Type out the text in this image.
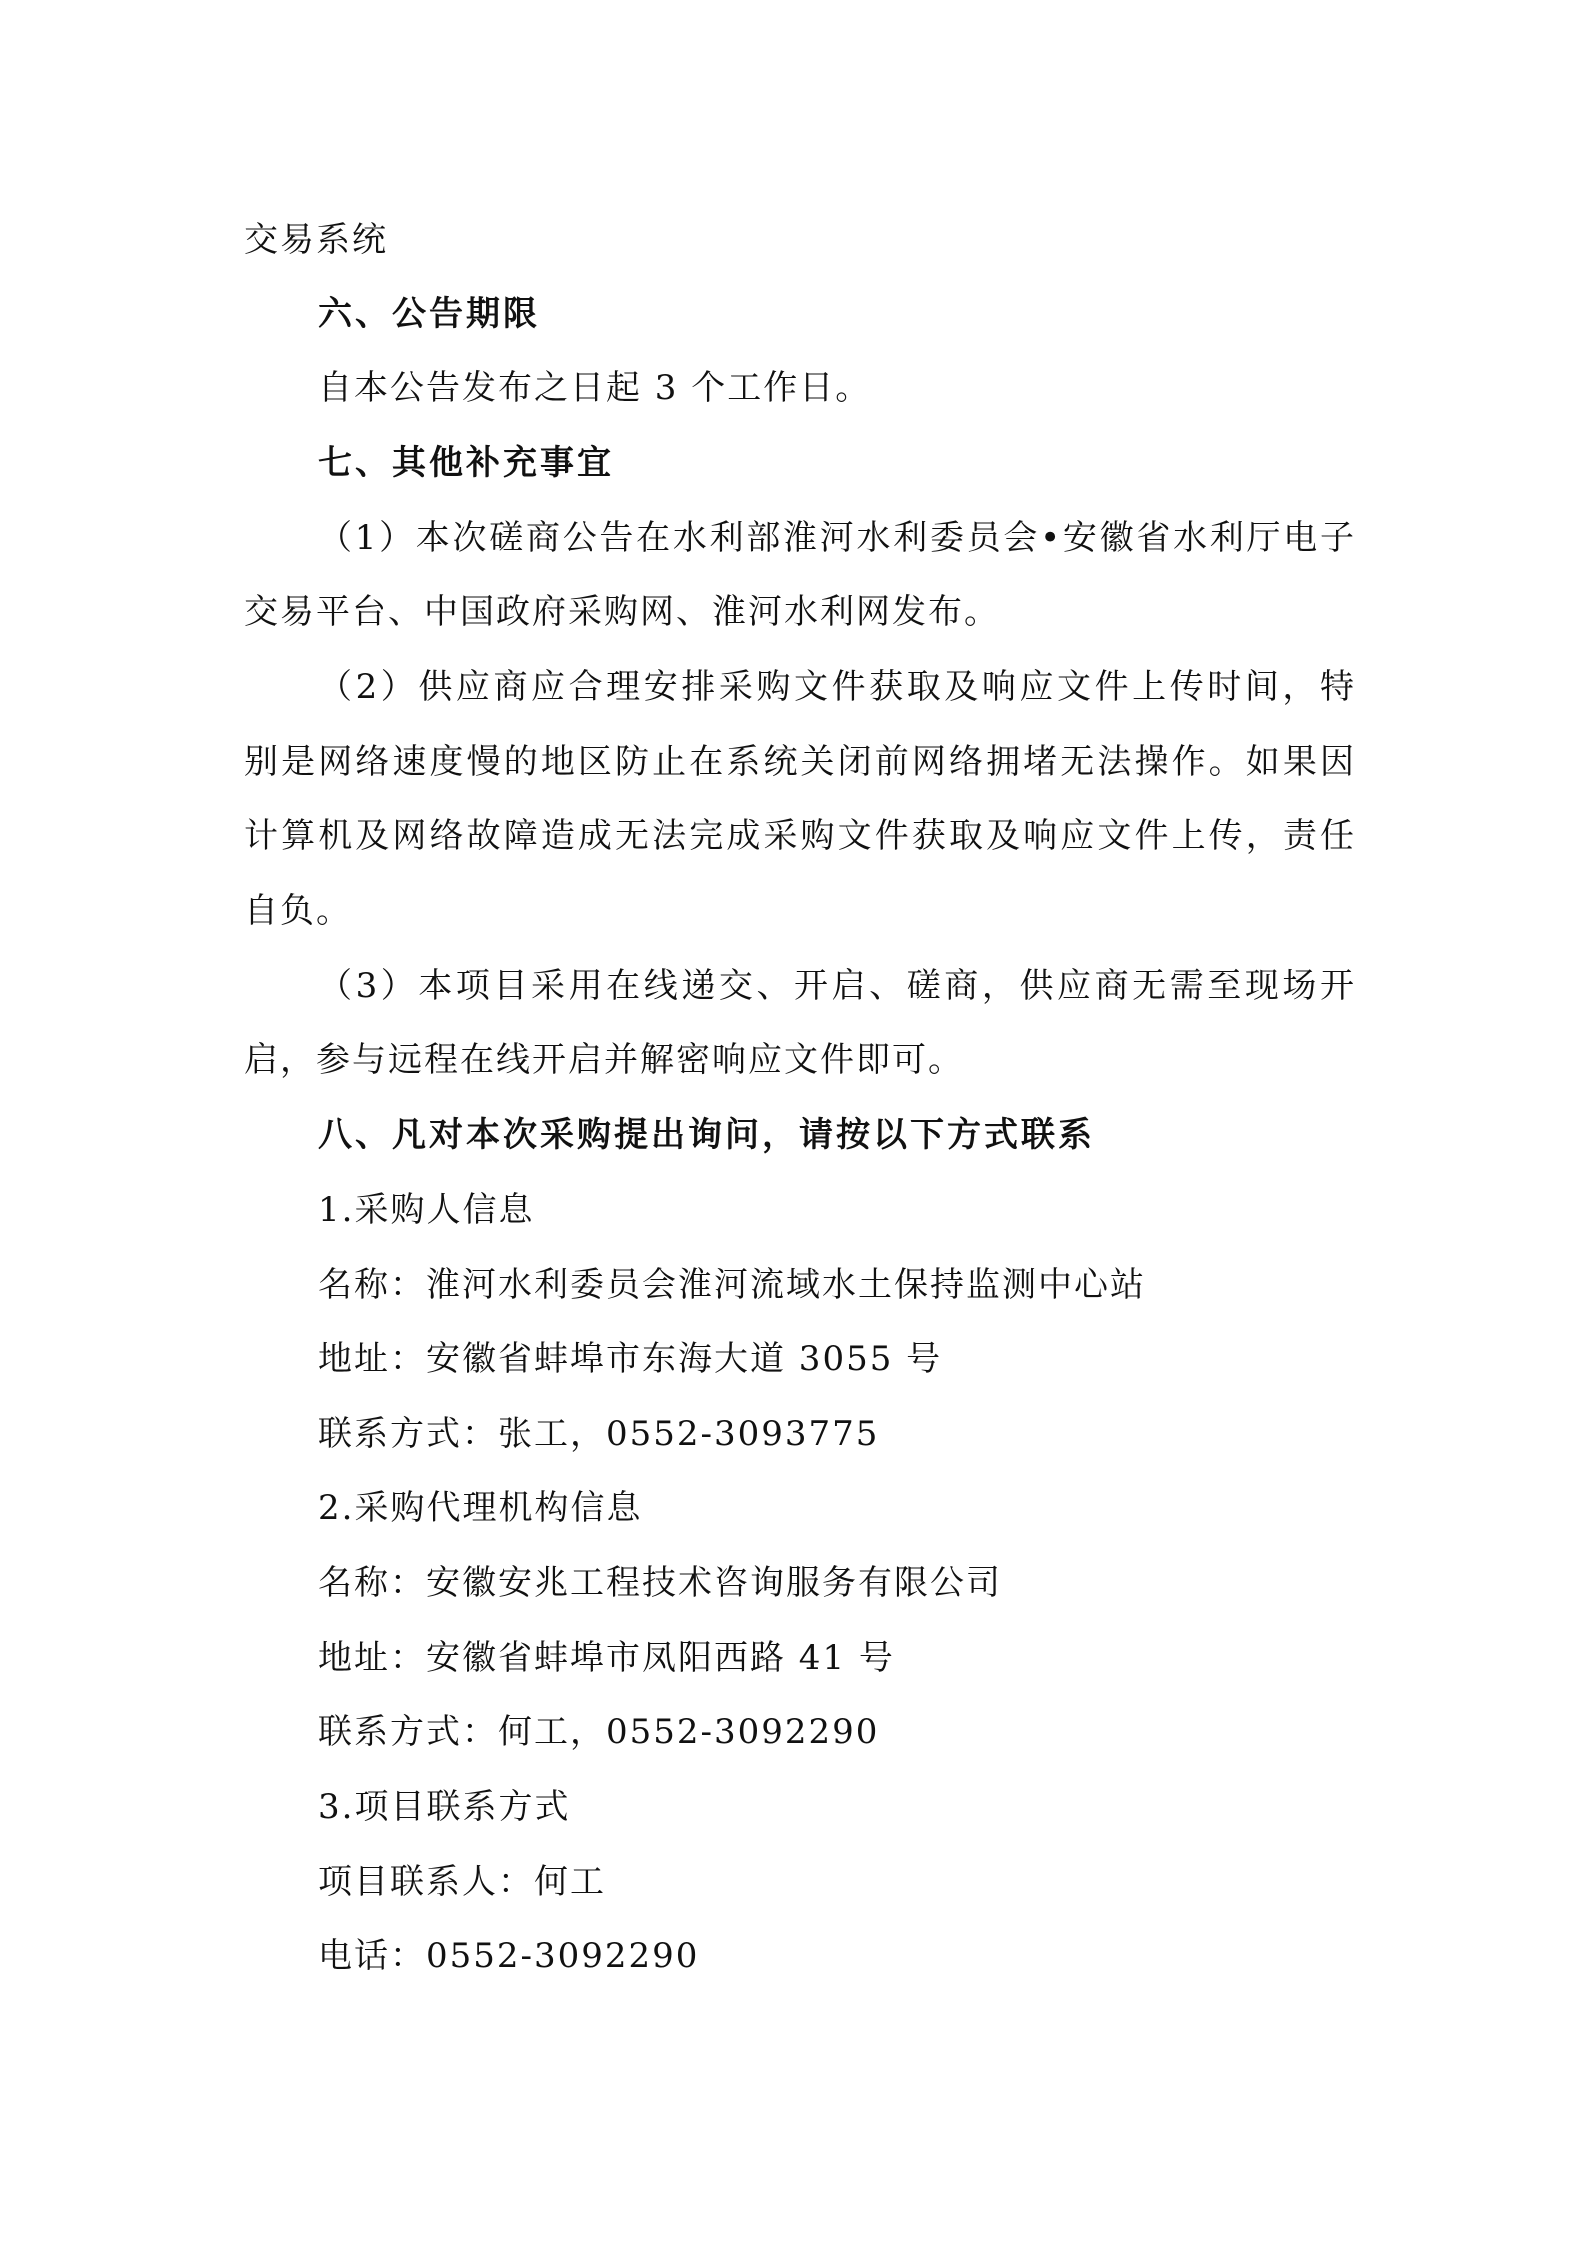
交易系统
六、公告期限
自本公告发布之日起 3 个工作日。
七、其他补充事宜
（1）本次磋商公告在水利部淮河水利委员会•安徽省水利厅电子
交易平台、中国政府采购网、淮河水利网发布。
（2）供应商应合理安排采购文件获取及响应文件上传时间，特
别是网络速度慢的地区防止在系统关闭前网络拥堵无法操作。如果因
计算机及网络故障造成无法完成采购文件获取及响应文件上传，责任
自负。
（3）本项目采用在线递交、开启、磋商，供应商无需至现场开
启，参与远程在线开启并解密响应文件即可。
八、凡对本次采购提出询问，请按以下方式联系
1.采购人信息
名称：淮河水利委员会淮河流域水土保持监测中心站
地址：安徽省蚌埠市东海大道 3055 号
联系方式：张工，0552-3093775
2.采购代理机构信息
名称：安徽安兆工程技术咨询服务有限公司
地址：安徽省蚌埠市凤阳西路 41 号
联系方式：何工，0552-3092290
3.项目联系方式
项目联系人：何工
电话：0552-3092290
